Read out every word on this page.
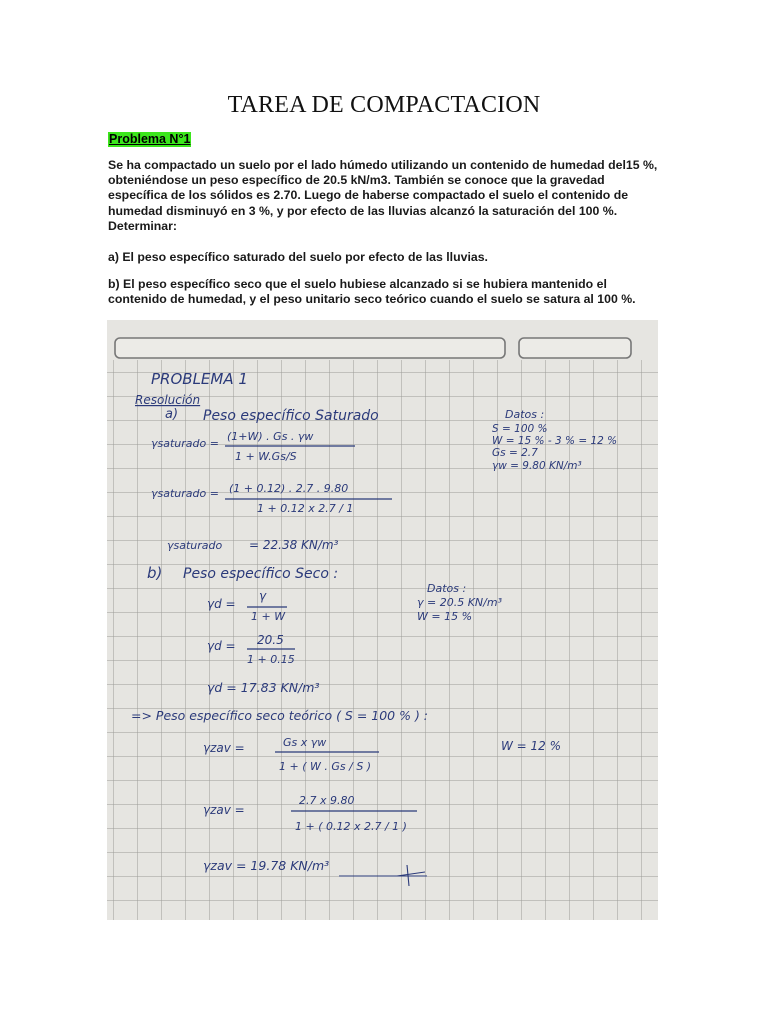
TAREA DE COMPACTACION
Problema N°1
Se ha compactado un suelo por el lado húmedo utilizando un contenido de humedad del15 %, obteniéndose un peso específico de 20.5 kN/m3. También se conoce que la gravedad específica de los sólidos es 2.70. Luego de haberse compactado el suelo el contenido de humedad disminuyó en 3 %, y por efecto de las lluvias alcanzó la saturación del 100 %. Determinar:
a) El peso específico saturado del suelo por efecto de las lluvias.
b) El peso específico seco que el suelo hubiese alcanzado si se hubiera mantenido el contenido de humedad, y el peso unitario seco teórico cuando el suelo se satura al 100 %.
PROBLEMA 1
Resolución
a) Peso específico Saturado	Datos :
S = 100 %
W = 15 % - 3 % = 12 %
Gs = 2.7
γw = 9.80 KN/m³
γsaturado =
(1+W) . Gs . γw
1 + W.Gs/S
γsaturado = (1 + 0.12) . 2.7 . 9.80
1 + 0.12 x 2.7 / 1
γsaturado = 22.38 KN/m³
b) Peso específico Seco :
Datos :
γ = 20.5 KN/m³
W = 15 %
γd =
γ
1 + W
γd = 20.5
1 + 0.15
γd = 17.83 KN/m³
=> Peso específico seco teórico ( S = 100 % ) :
W = 12 %
γzav =	Gs x γw
1 + ( W . Gs / S )
γzav =
2.7 x 9.80
1 + ( 0.12 x 2.7 / 1 )
γzav = 19.78 KN/m³
